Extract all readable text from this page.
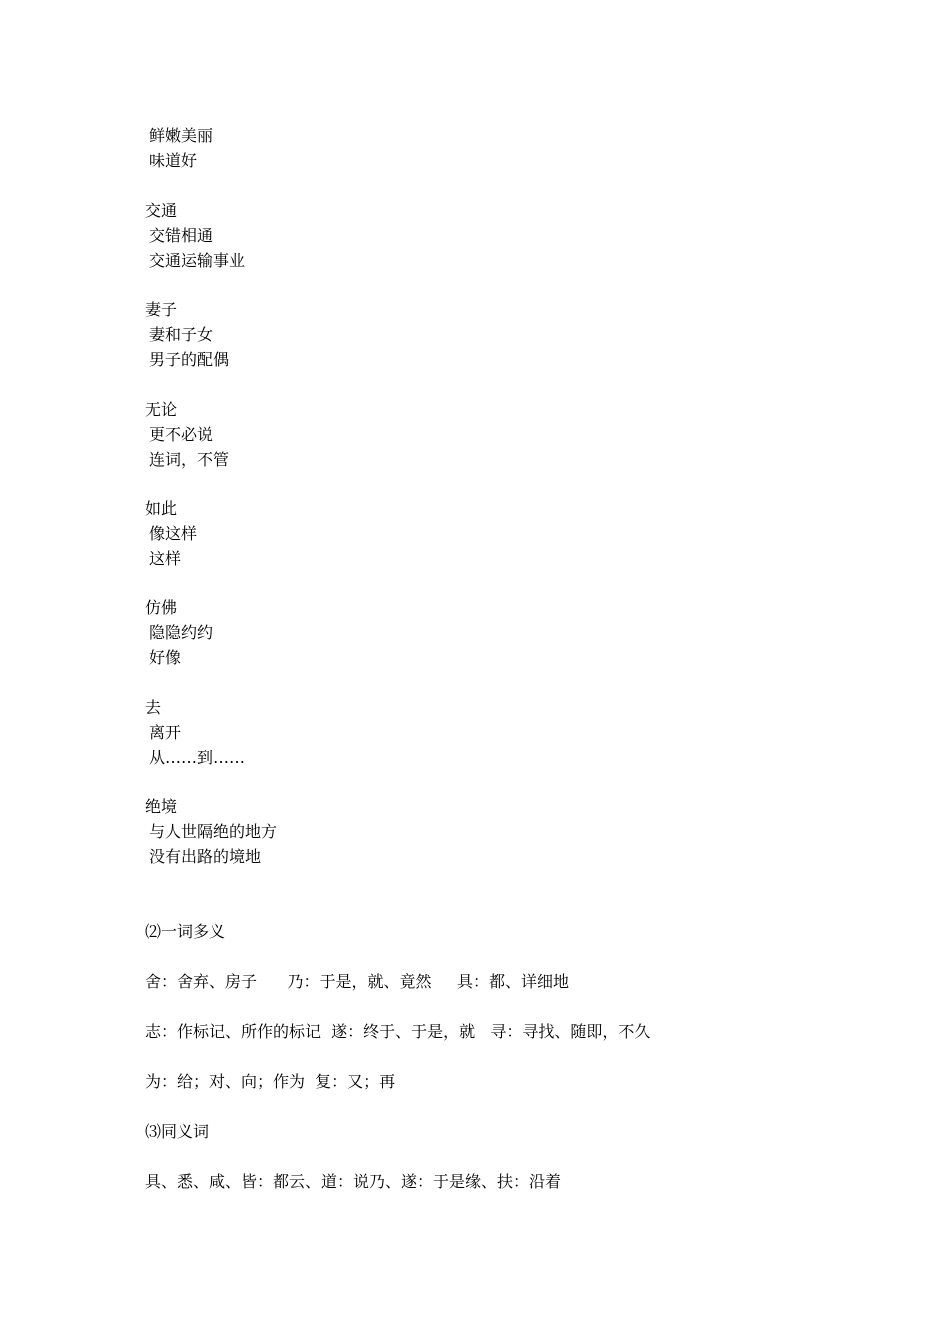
鲜嫩美丽
味道好
交通
交错相通
交通运输事业
妻子
妻和子女
男子的配偶
无论
更不必说
连词，不管
如此
像这样
这样
仿佛
隐隐约约
好像
去
离开
从……到……
绝境
与人世隔绝的地方
没有出路的境地
⑵一词多义
舍：舍弃、房子      乃：于是，就、竟然     具：都、详细地
志：作标记、所作的标记  遂：终于、于是，就   寻：寻找、随即，不久
为：给；对、向；作为  复：又；再
⑶同义词
具、悉、咸、皆：都云、道：说乃、遂：于是缘、扶：沿着
